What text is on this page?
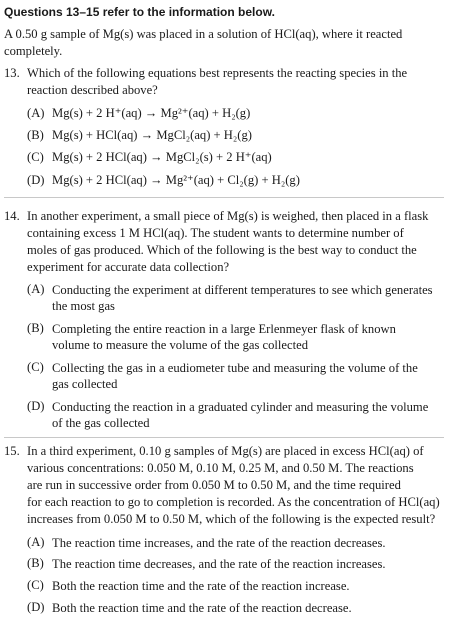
Questions 13–15 refer to the information below.
A 0.50 g sample of Mg(s) was placed in a solution of HCl(aq), where it reacted
completely.
13. Which of the following equations best represents the reacting species in the
reaction described above?
(A) Mg(s) + 2 H⁺(aq) → Mg²⁺(aq) + H₂(g)
(B) Mg(s) + HCl(aq) → MgCl₂(aq) + H₂(g)
(C) Mg(s) + 2 HCl(aq) → MgCl₂(s) + 2 H⁺(aq)
(D) Mg(s) + 2 HCl(aq) → Mg²⁺(aq) + Cl₂(g) + H₂(g)
14. In another experiment, a small piece of Mg(s) is weighed, then placed in a flask
containing excess 1 M HCl(aq). The student wants to determine number of
moles of gas produced. Which of the following is the best way to conduct the
experiment for accurate data collection?
(A) Conducting the experiment at different temperatures to see which generates
the most gas
(B) Completing the entire reaction in a large Erlenmeyer flask of known
volume to measure the volume of the gas collected
(C) Collecting the gas in a eudiometer tube and measuring the volume of the
gas collected
(D) Conducting the reaction in a graduated cylinder and measuring the volume
of the gas collected
15. In a third experiment, 0.10 g samples of Mg(s) are placed in excess HCl(aq) of
various concentrations: 0.050 M, 0.10 M, 0.25 M, and 0.50 M. The reactions
are run in successive order from 0.050 M to 0.50 M, and the time required
for each reaction to go to completion is recorded. As the concentration of HCl(aq)
increases from 0.050 M to 0.50 M, which of the following is the expected result?
(A) The reaction time increases, and the rate of the reaction decreases.
(B) The reaction time decreases, and the rate of the reaction increases.
(C) Both the reaction time and the rate of the reaction increase.
(D) Both the reaction time and the rate of the reaction decrease.
